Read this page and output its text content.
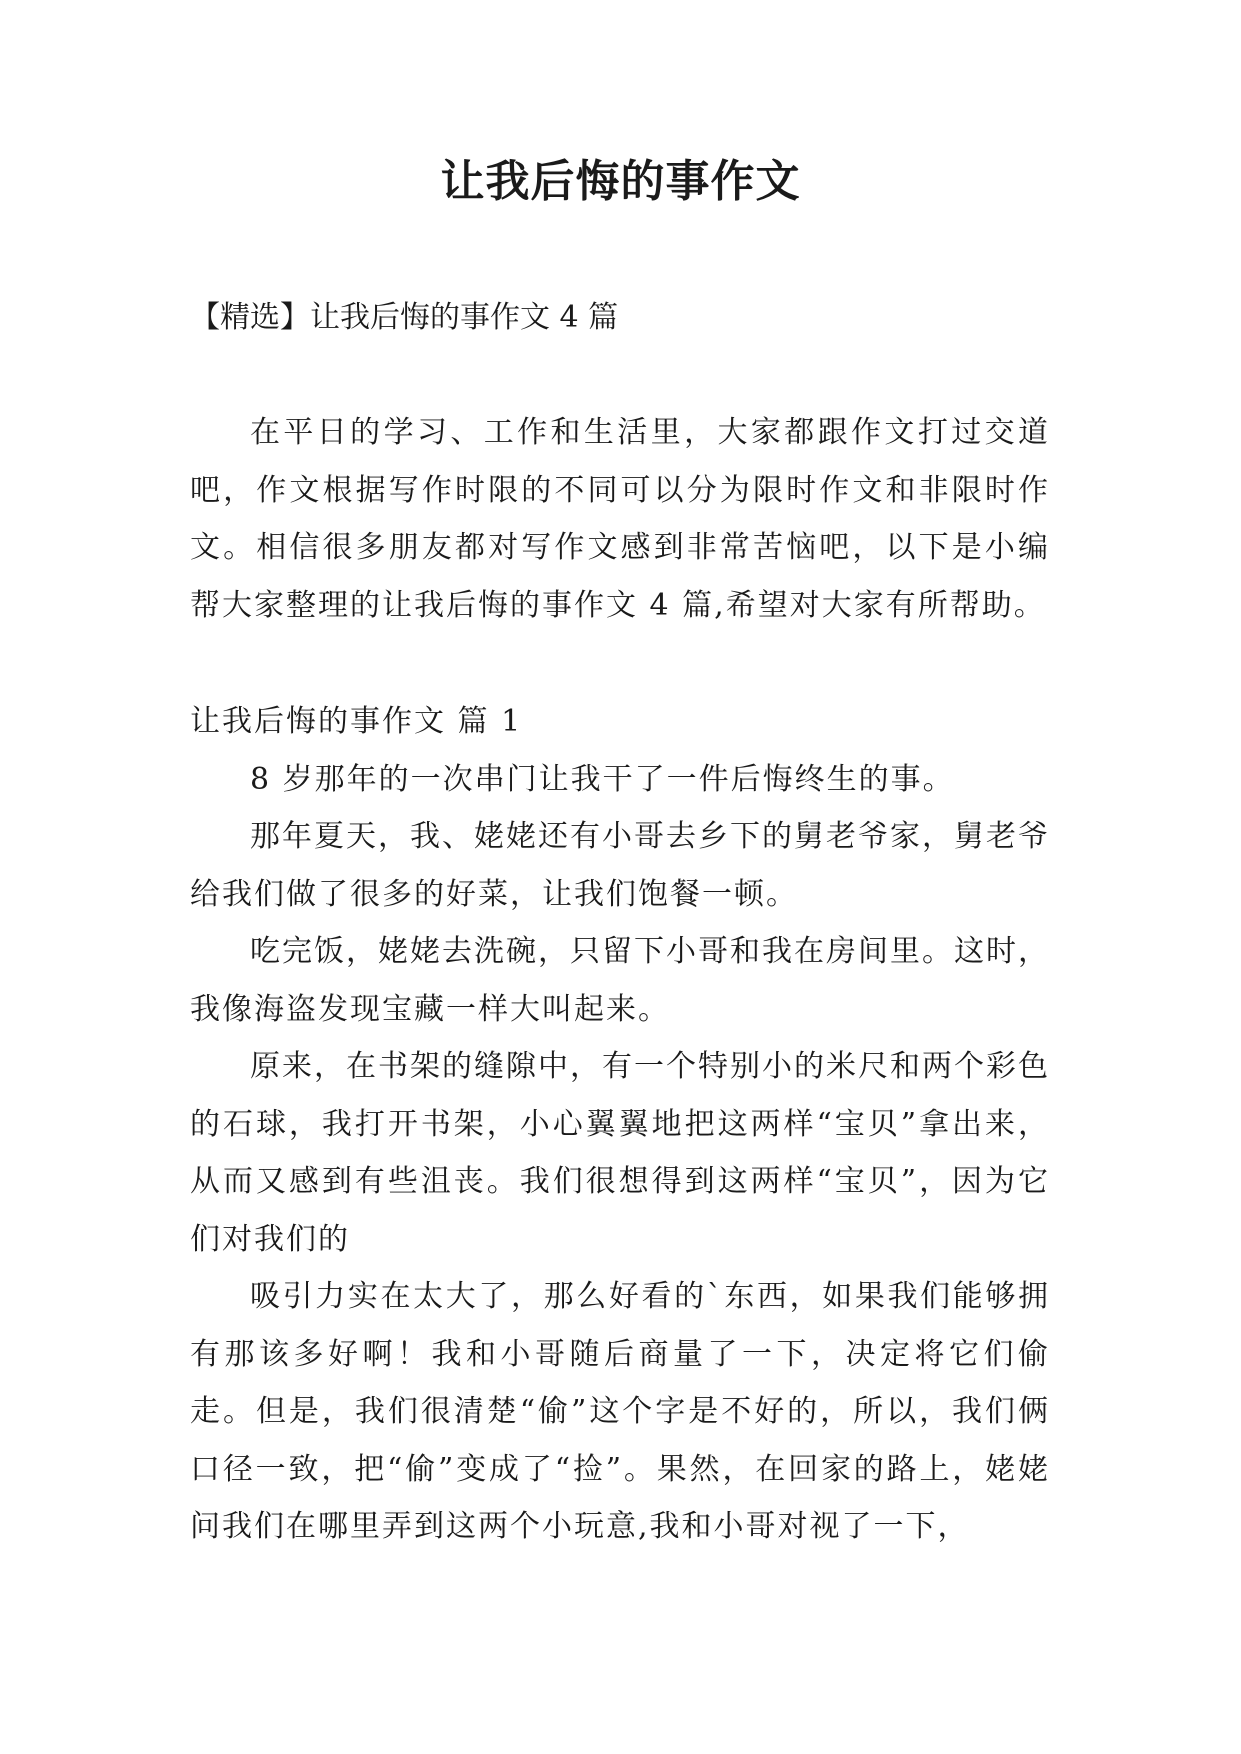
让我后悔的事作文
【精选】让我后悔的事作文 4 篇

在平日的学习、工作和生活里，大家都跟作文打过交道吧，作文根据写作时限的不同可以分为限时作文和非限时作文。相信很多朋友都对写作文感到非常苦恼吧，以下是小编帮大家整理的让我后悔的事作文 4 篇,希望对大家有所帮助。

让我后悔的事作文 篇 1

8 岁那年的一次串门让我干了一件后悔终生的事。

那年夏天，我、姥姥还有小哥去乡下的舅老爷家，舅老爷给我们做了很多的好菜，让我们饱餐一顿。

吃完饭，姥姥去洗碗，只留下小哥和我在房间里。这时，我像海盗发现宝藏一样大叫起来。

原来，在书架的缝隙中，有一个特别小的米尺和两个彩色的石球，我打开书架，小心翼翼地把这两样“宝贝”拿出来，从而又感到有些沮丧。我们很想得到这两样“宝贝”，因为它们对我们的

吸引力实在太大了，那么好看的`东西，如果我们能够拥有那该多好啊！我和小哥随后商量了一下，决定将它们偷走。但是，我们很清楚“偷”这个字是不好的，所以，我们俩口径一致，把“偷”变成了“捡”。果然，在回家的路上，姥姥问我们在哪里弄到这两个小玩意,我和小哥对视了一下，
